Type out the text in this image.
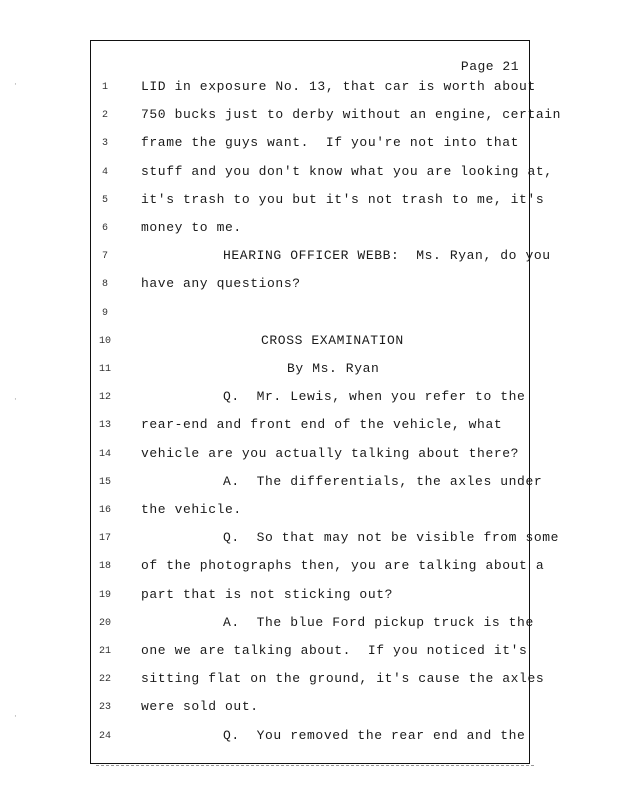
Page 21
1	LID in exposure No. 13, that car is worth about
2	750 bucks just to derby without an engine, certain
3	frame the guys want.  If you're not into that
4	stuff and you don't know what you are looking at,
5	it's trash to you but it's not trash to me, it's
6	money to me.
7	HEARING OFFICER WEBB:  Ms. Ryan, do you
8	have any questions?
9
10	CROSS EXAMINATION
11	By Ms. Ryan
12	Q.  Mr. Lewis, when you refer to the
13	rear-end and front end of the vehicle, what
14	vehicle are you actually talking about there?
15	A.  The differentials, the axles under
16	the vehicle.
17	Q.  So that may not be visible from some
18	of the photographs then, you are talking about a
19	part that is not sticking out?
20	A.  The blue Ford pickup truck is the
21	one we are talking about.  If you noticed it's
22	sitting flat on the ground, it's cause the axles
23	were sold out.
24	Q.  You removed the rear end and the
·
·
·
